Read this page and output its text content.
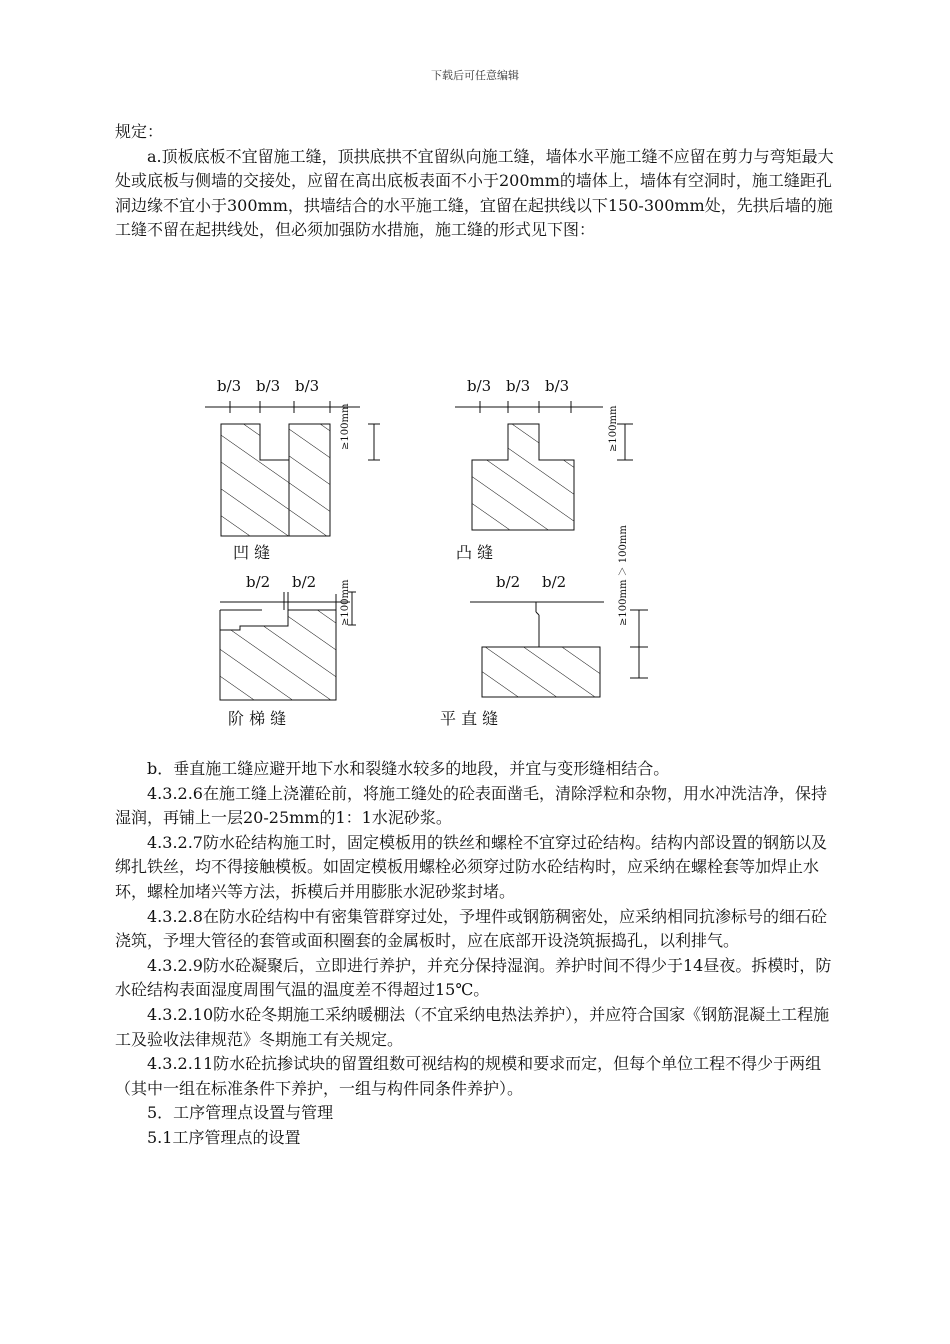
下载后可任意编辑

规定：

a.顶板底板不宜留施工缝，顶拱底拱不宜留纵向施工缝，墙体水平施工缝不应留在剪力与弯矩最大处或底板与侧墙的交接处，应留在高出底板表面不小于200mm的墙体上，墙体有空洞时，施工缝距孔洞边缘不宜小于300mm，拱墙结合的水平施工缝，宜留在起拱线以下150-300mm处，先拱后墙的施工缝不留在起拱线处，但必须加强防水措施，施工缝的形式见下图：

b/3 b/3 b/3
≥100mm
凹 缝
b/3 b/3 b/3
≥100mm
凸 缝
b/2 b/2 ≥100mm
阶 梯 缝
b/2 b/2	≥100mm ＞ 100mm
平 直 缝

b．垂直施工缝应避开地下水和裂缝水较多的地段，并宜与变形缝相结合。

4.3.2.6在施工缝上浇灌砼前，将施工缝处的砼表面凿毛，清除浮粒和杂物，用水冲洗洁净，保持湿润，再铺上一层20-25mm的1：1水泥砂浆。

4.3.2.7防水砼结构施工时，固定模板用的铁丝和螺栓不宜穿过砼结构。结构内部设置的钢筋以及绑扎铁丝，均不得接触模板。如固定模板用螺栓必须穿过防水砼结构时，应采纳在螺栓套等加焊止水环，螺栓加堵兴等方法，拆模后并用膨胀水泥砂浆封堵。

4.3.2.8在防水砼结构中有密集管群穿过处，予埋件或钢筋稠密处，应采纳相同抗渗标号的细石砼浇筑，予埋大管径的套管或面积圈套的金属板时，应在底部开设浇筑振捣孔，以利排气。

4.3.2.9防水砼凝聚后，立即进行养护，并充分保持湿润。养护时间不得少于14昼夜。拆模时，防水砼结构表面湿度周围气温的温度差不得超过15℃。

4.3.2.10防水砼冬期施工采纳暖棚法（不宜采纳电热法养护），并应符合国家《钢筋混凝土工程施工及验收法律规范》冬期施工有关规定。

4.3.2.11防水砼抗掺试块的留置组数可视结构的规模和要求而定，但每个单位工程不得少于两组（其中一组在标准条件下养护，一组与构件同条件养护）。

5．工序管理点设置与管理

5.1工序管理点的设置
